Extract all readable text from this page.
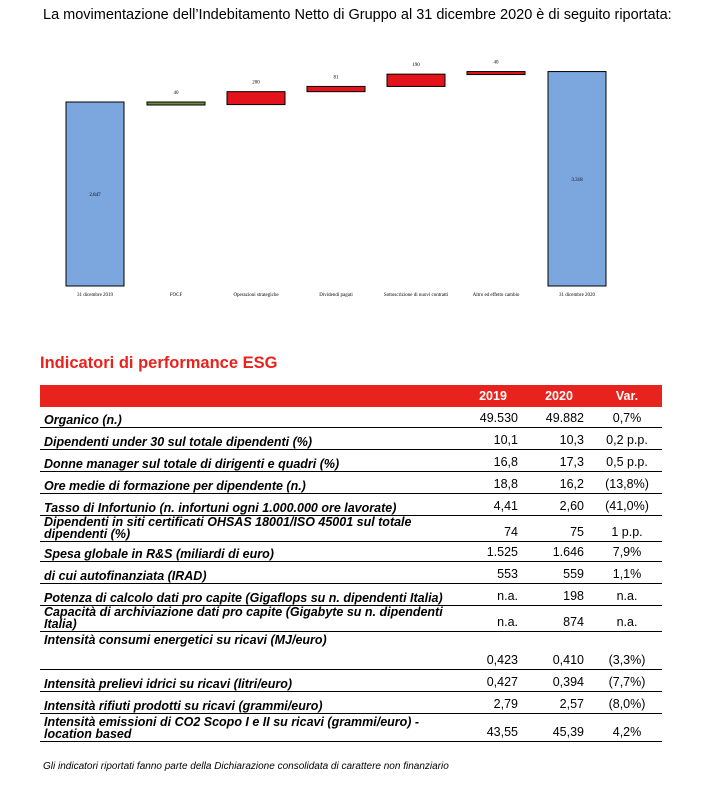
La movimentazione dell’Indebitamento Netto di Gruppo al 31 dicembre 2020 è di seguito riportata:
2.847
31 dicembre 2019
40
FOCF
200
Operazioni strategiche
81
Dividendi pagati
190
Sottoscrizione di nuovi contratti
40
Altro ed effetto cambio
3.318
31 dicembre 2020
Indicatori di performance ESG
	2019	2020	Var.
Organico (n.)	49.530	49.882	0,7%
Dipendenti under 30 sul totale dipendenti (%)	10,1	10,3	0,2 p.p.
Donne manager sul totale di dirigenti e quadri (%)	16,8	17,3	0,5 p.p.
Ore medie di formazione per dipendente (n.)	18,8	16,2	(13,8%)
Tasso di Infortunio (n. infortuni ogni 1.000.000 ore lavorate)	4,41	2,60	(41,0%)
Dipendenti in siti certificati OHSAS 18001/ISO 45001 sul totale dipendenti (%)	74	75	1 p.p.
Spesa globale in R&S (miliardi di euro)	1.525	1.646	7,9%
di cui autofinanziata (IRAD)	553	559	1,1%
Potenza di calcolo dati pro capite (Gigaflops su n. dipendenti Italia)	n.a.	198	n.a.
Capacità di archiviazione dati pro capite (Gigabyte su n. dipendenti Italia)	n.a.	874	n.a.
Intensità consumi energetici su ricavi (MJ/euro)	0,423	0,410	(3,3%)
Intensità prelievi idrici su ricavi (litri/euro)	0,427	0,394	(7,7%)
Intensità rifiuti prodotti su ricavi (grammi/euro)	2,79	2,57	(8,0%)
Intensità emissioni di CO2 Scopo I e II su ricavi (grammi/euro) - location based	43,55	45,39	4,2%
Gli indicatori riportati fanno parte della Dichiarazione consolidata di carattere non finanziario
